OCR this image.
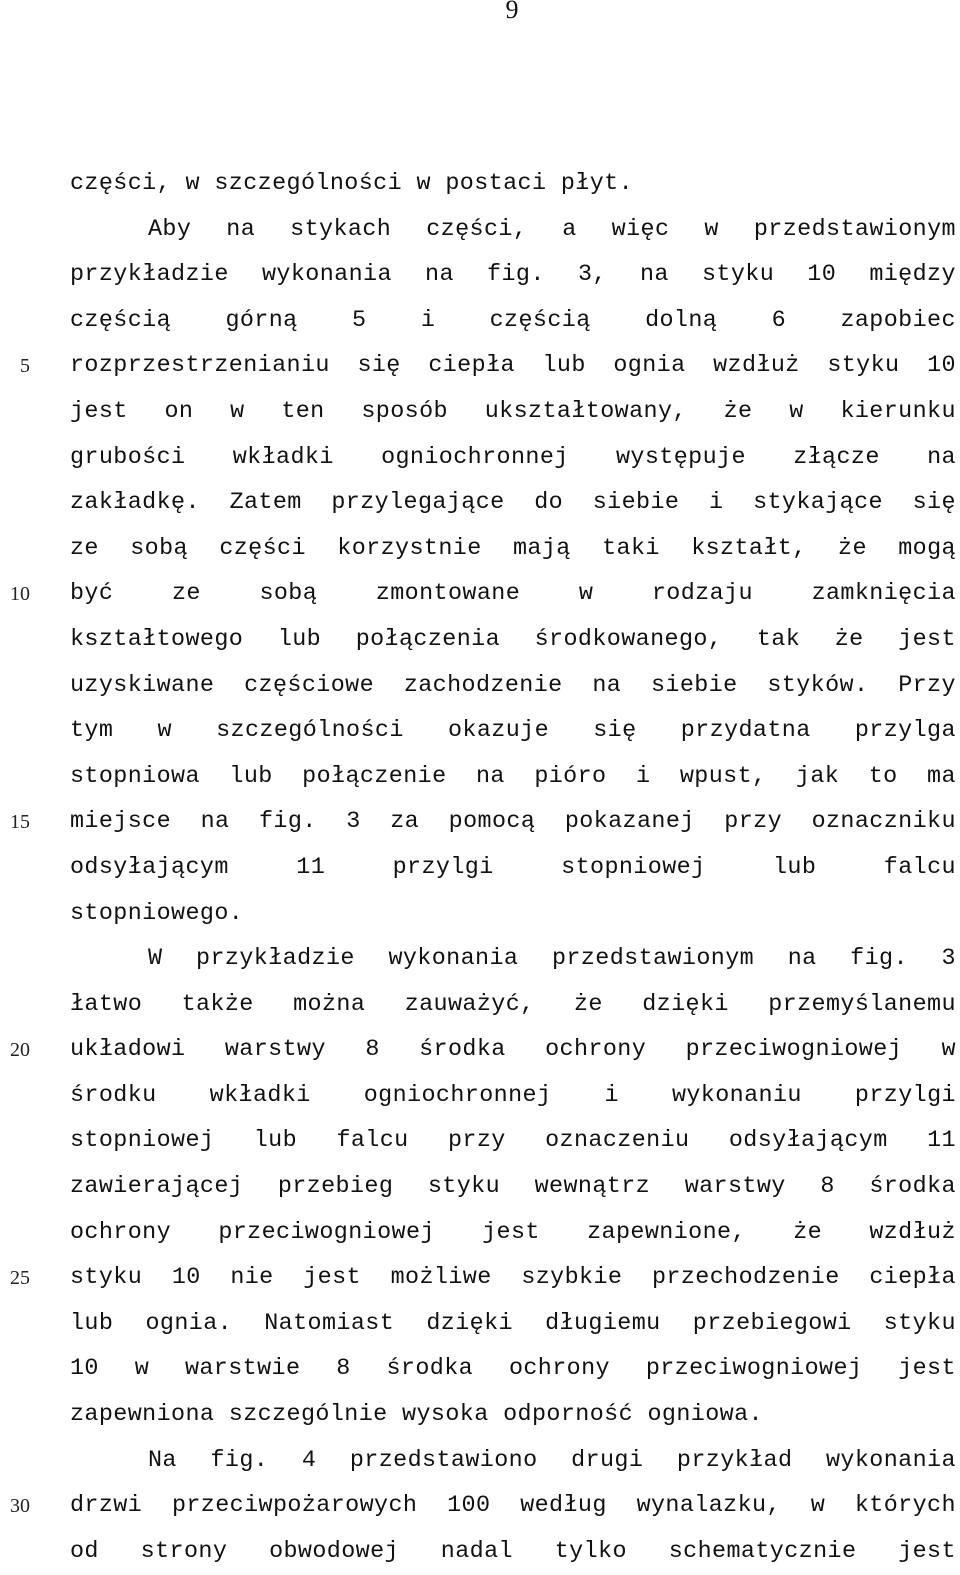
9
5
10
15
20
25
30
części, w szczególności w postaci płyt.
Aby na stykach części, a więc w przedstawionym
przykładzie wykonania na fig. 3, na styku 10 między
częścią górną 5 i częścią dolną 6 zapobiec
rozprzestrzenianiu się ciepła lub ognia wzdłuż styku 10
jest on w ten sposób ukształtowany, że w kierunku
grubości wkładki ogniochronnej występuje złącze na
zakładkę. Zatem przylegające do siebie i stykające się
ze sobą części korzystnie mają taki kształt, że mogą
być	ze	sobą	zmontowane	w	rodzaju	zamknięcia
kształtowego lub połączenia środkowanego, tak że jest
uzyskiwane częściowe zachodzenie na siebie styków. Przy
tym w szczególności okazuje się przydatna przylga
stopniowa lub połączenie na pióro i wpust, jak to ma
miejsce na fig. 3 za pomocą pokazanej przy oznaczniku
odsyłającym	11	przylgi	stopniowej	lub	falcu
stopniowego.
W przykładzie wykonania przedstawionym na fig. 3
łatwo także można zauważyć, że dzięki przemyślanemu
układowi warstwy 8 środka ochrony przeciwogniowej w
środku wkładki ogniochronnej i wykonaniu przylgi
stopniowej lub falcu przy oznaczeniu odsyłającym 11
zawierającej przebieg styku wewnątrz warstwy 8 środka
ochrony przeciwogniowej jest zapewnione, że wzdłuż
styku 10 nie jest możliwe szybkie przechodzenie ciepła
lub ognia. Natomiast dzięki długiemu przebiegowi styku
10 w warstwie 8 środka ochrony przeciwogniowej jest
zapewniona szczególnie wysoka odporność ogniowa.
Na fig. 4 przedstawiono drugi przykład wykonania
drzwi przeciwpożarowych 100 według wynalazku, w których
od strony obwodowej nadal tylko schematycznie jest
